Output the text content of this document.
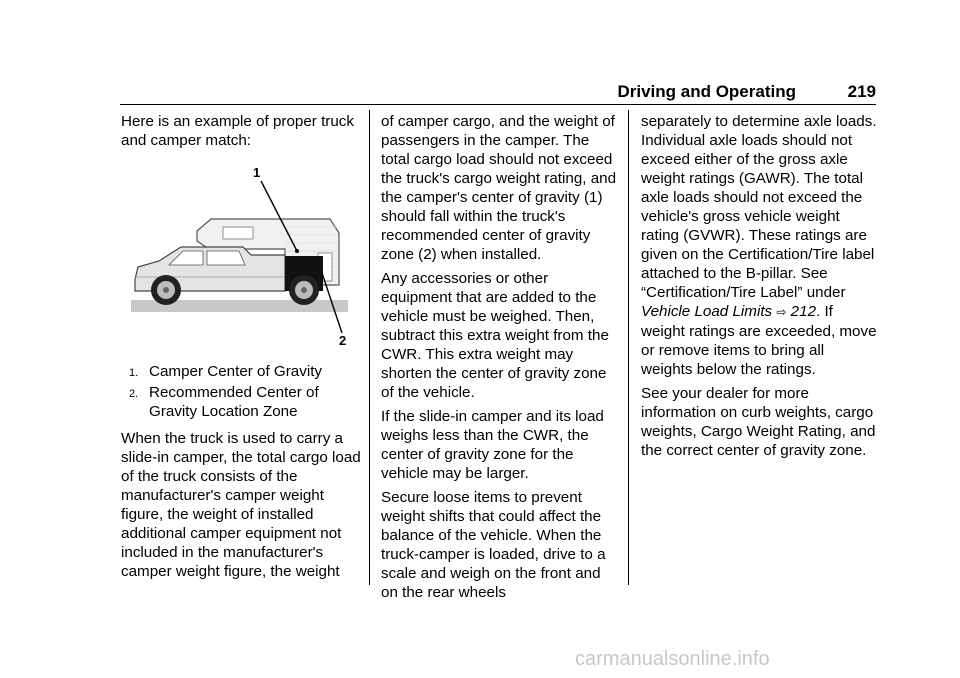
Driving and Operating	219

Here is an example of proper truck and camper match:

1
2
1. Camper Center of Gravity
2. Recommended Center of Gravity Location Zone

When the truck is used to carry a slide-in camper, the total cargo load of the truck consists of the manufacturer's camper weight figure, the weight of installed additional camper equipment not included in the manufacturer's camper weight figure, the weight

of camper cargo, and the weight of passengers in the camper. The total cargo load should not exceed the truck's cargo weight rating, and the camper's center of gravity (1) should fall within the truck's recommended center of gravity zone (2) when installed.

Any accessories or other equipment that are added to the vehicle must be weighed. Then, subtract this extra weight from the CWR. This extra weight may shorten the center of gravity zone of the vehicle.

If the slide-in camper and its load weighs less than the CWR, the center of gravity zone for the vehicle may be larger.

Secure loose items to prevent weight shifts that could affect the balance of the vehicle. When the truck-camper is loaded, drive to a scale and weigh on the front and on the rear wheels

separately to determine axle loads. Individual axle loads should not exceed either of the gross axle weight ratings (GAWR). The total axle loads should not exceed the vehicle's gross vehicle weight rating (GVWR). These ratings are given on the Certification/Tire label attached to the B-pillar. See “Certification/Tire Label” under Vehicle Load Limits ⇨ 212. If weight ratings are exceeded, move or remove items to bring all weights below the ratings.

See your dealer for more information on curb weights, cargo weights, Cargo Weight Rating, and the correct center of gravity zone.

carmanualsonline.info
